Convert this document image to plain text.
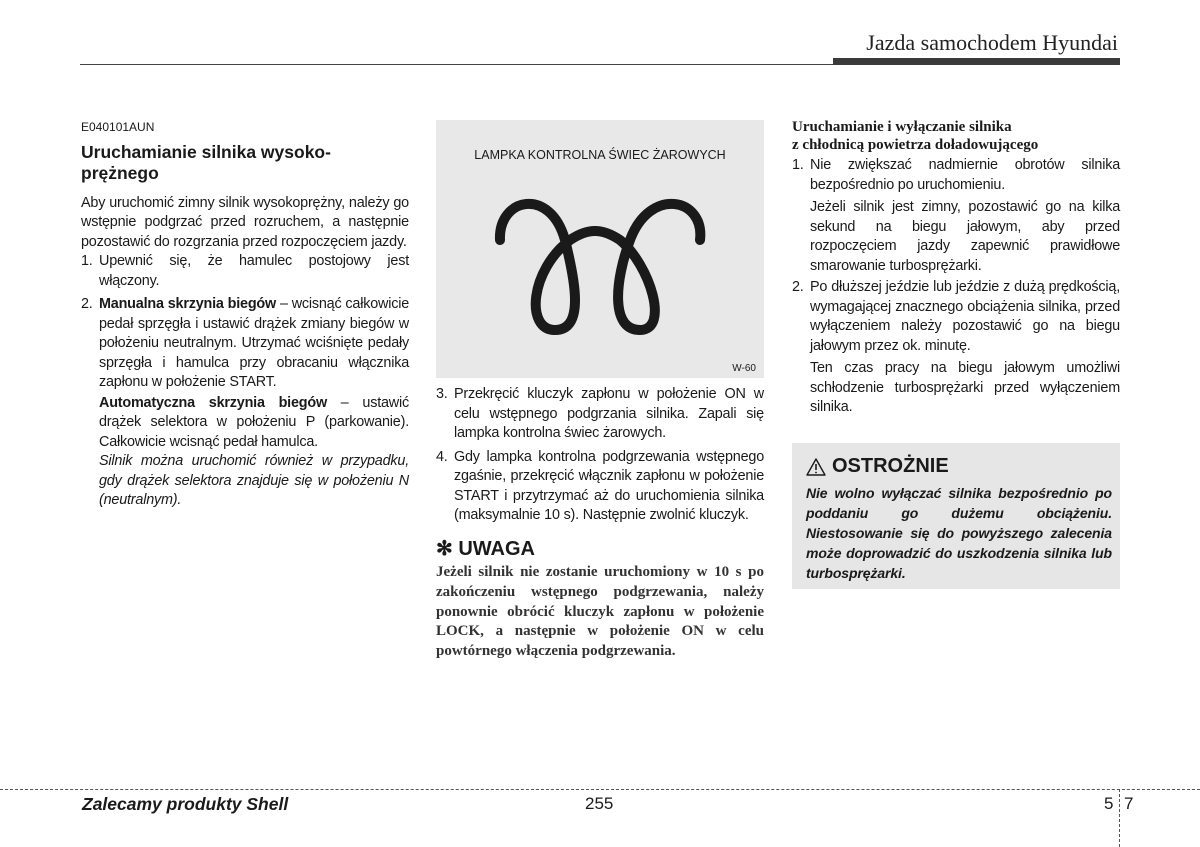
Jazda samochodem Hyundai
E040101AUN
Uruchamianie silnika wysoko-
prężnego

Aby uruchomić zimny silnik wysokoprężny, należy go wstępnie podgrzać przed rozruchem, a następnie pozostawić do rozgrzania przed rozpoczęciem jazdy.

1. Upewnić się, że hamulec postojowy jest włączony.
2. Manualna skrzynia biegów – wcisnąć całkowicie pedał sprzęgła i ustawić drążek zmiany biegów w położeniu neutralnym. Utrzymać wciśnięte pedały sprzęgła i hamulca przy obracaniu włącznika zapłonu w położenie START.

Automatyczna skrzynia biegów – ustawić drążek selektora w położeniu P (parkowanie). Całkowicie wcisnąć pedał hamulca.

Silnik można uruchomić również w przypadku, gdy drążek selektora znajduje się w położeniu N (neutralnym).

LAMPKA KONTROLNA ŚWIEC ŻAROWYCH
W-60
3. Przekręcić kluczyk zapłonu w położenie ON w celu wstępnego podgrzania silnika. Zapali się lampka kontrolna świec żarowych.
4. Gdy lampka kontrolna podgrzewania wstępnego zgaśnie, przekręcić włącznik zapłonu w położenie START i przytrzymać aż do uruchomienia silnika (maksymalnie 10 s). Następnie zwolnić kluczyk.
✻ UWAGA

Jeżeli silnik nie zostanie uruchomiony w 10 s po zakończeniu wstępnego podgrzewania, należy ponownie obrócić kluczyk zapłonu w położenie LOCK, a następnie w położenie ON w celu powtórnego włączenia podgrzewania.

Uruchamianie i wyłączanie silnika
z chłodnicą powietrza doładowującego
1. Nie zwiększać nadmiernie obrotów silnika bezpośrednio po uruchomieniu.

Jeżeli silnik jest zimny, pozostawić go na kilka sekund na biegu jałowym, aby przed rozpoczęciem jazdy zapewnić prawidłowe smarowanie turbosprężarki.

2. Po dłuższej jeździe lub jeździe z dużą prędkością, wymagającej znacznego obciążenia silnika, przed wyłączeniem należy pozostawić go na biegu jałowym przez ok. minutę.

Ten czas pracy na biegu jałowym umożliwi schłodzenie turbosprężarki przed wyłączeniem silnika.

OSTROŻNIE

Nie wolno wyłączać silnika bezpośrednio po poddaniu go dużemu obciążeniu. Niestosowanie się do powyższego zalecenia może doprowadzić do uszkodzenia silnika lub turbosprężarki.

Zalecamy produkty Shell	255	5 7
